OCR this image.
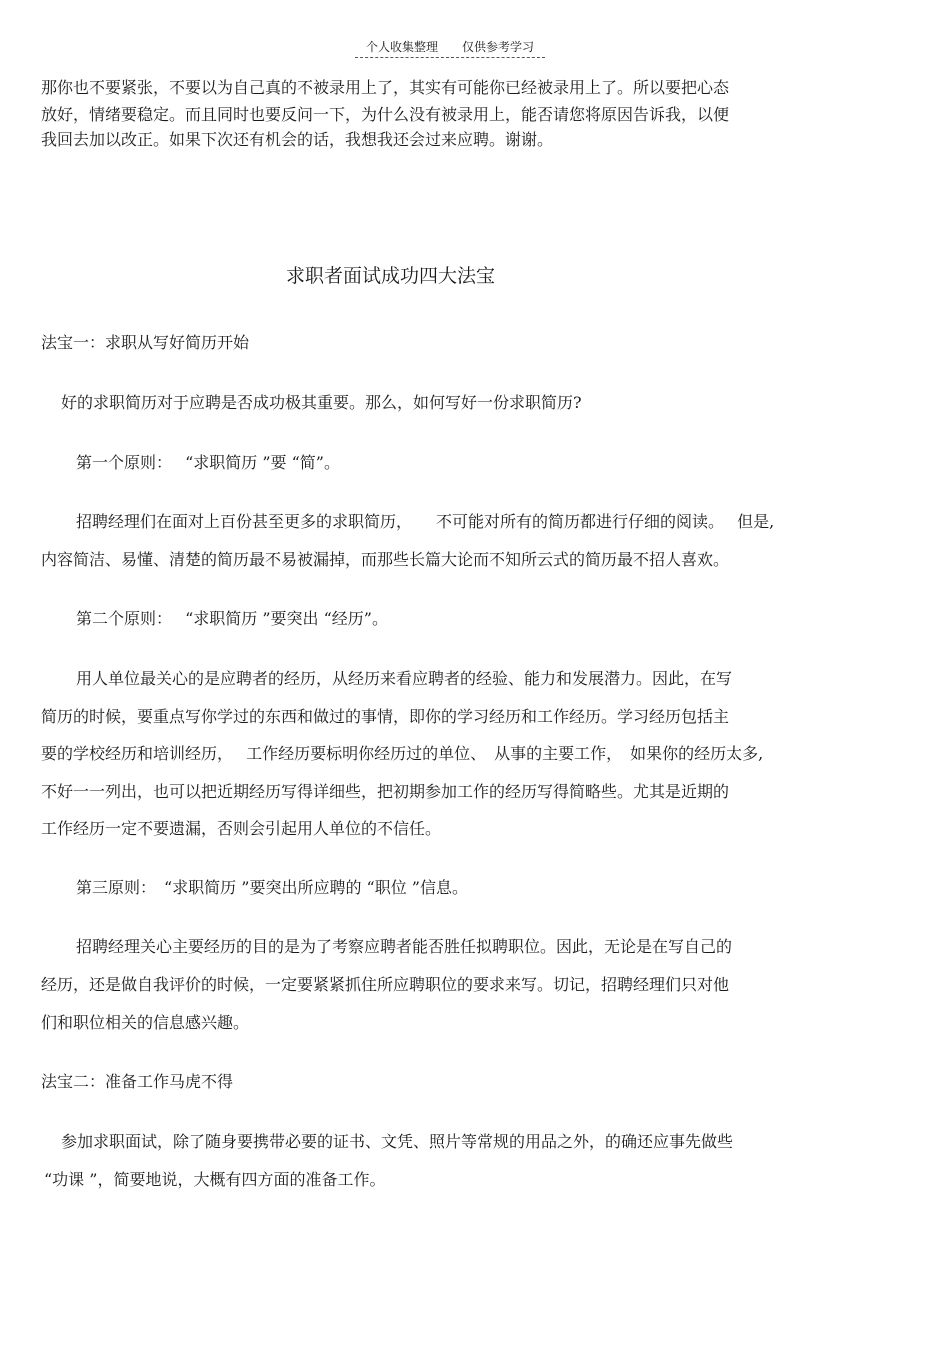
个人收集整理　　仅供参考学习
那你也不要紧张，不要以为自己真的不被录用上了，其实有可能你已经被录用上了。所以要把心态
放好，情绪要稳定。而且同时也要反问一下，为什么没有被录用上，能否请您将原因告诉我，以便
我回去加以改正。如果下次还有机会的话，我想我还会过来应聘。谢谢。
求职者面试成功四大法宝
法宝一：求职从写好简历开始
好的求职简历对于应聘是否成功极其重要。那么，如何写好一份求职简历?
第一个原则：　 “求职简历 ”要 “简”。
招聘经理们在面对上百份甚至更多的求职简历，　　不可能对所有的简历都进行仔细的阅读。　 但是,
内容简洁、易懂、清楚的简历最不易被漏掉，而那些长篇大论而不知所云式的简历最不招人喜欢。
第二个原则：　 “求职简历 ”要突出 “经历”。
用人单位最关心的是应聘者的经历，从经历来看应聘者的经验、能力和发展潜力。因此，在写
简历的时候，要重点写你学过的东西和做过的事情，即你的学习经历和工作经历。学习经历包括主
要的学校经历和培训经历，　 工作经历要标明你经历过的单位、　从事的主要工作，　如果你的经历太多,
不好一一列出，也可以把近期经历写得详细些，把初期参加工作的经历写得简略些。尤其是近期的
工作经历一定不要遗漏，否则会引起用人单位的不信任。
第三原则：　“求职简历 ”要突出所应聘的 “职位 ”信息。
招聘经理关心主要经历的目的是为了考察应聘者能否胜任拟聘职位。因此，无论是在写自己的
经历，还是做自我评价的时候，一定要紧紧抓住所应聘职位的要求来写。切记，招聘经理们只对他
们和职位相关的信息感兴趣。
法宝二：准备工作马虎不得
参加求职面试，除了随身要携带必要的证书、文凭、照片等常规的用品之外，的确还应事先做些
“功课 ”，简要地说，大概有四方面的准备工作。
